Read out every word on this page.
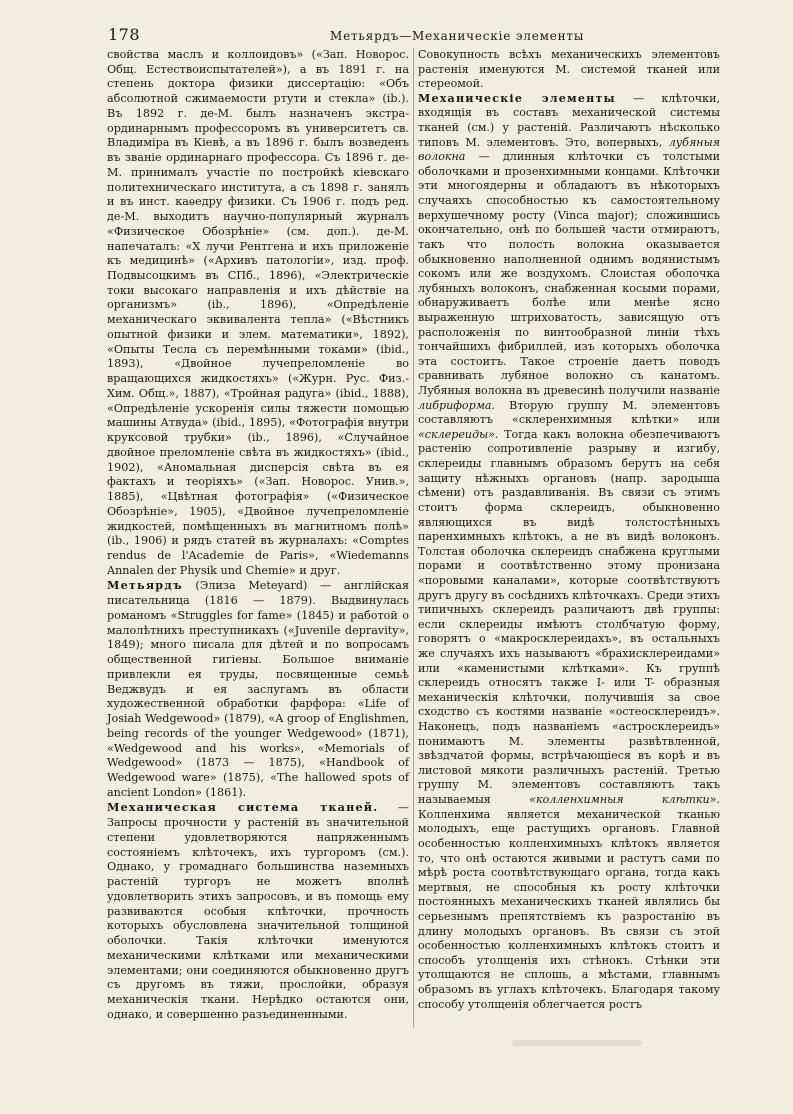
178	Метьярдъ—Механическіе элементы

свойства маслъ и коллоидовъ» («Зап. Новорос. Общ. Естествоиспытателей»), а въ 1891 г. на степень доктора физики диссертацію: «Объ абсолютной сжимаемости ртути и стекла» (ib.). Въ 1892 г. де-М. былъ назначенъ экстра-ординарнымъ профессоромъ въ университетъ св. Владиміра въ Кіевѣ, а въ 1896 г. былъ возведенъ въ званіе ординарнаго профессора. Съ 1896 г. де-М. принималъ участіе по постройкѣ кіевскаго политехническаго института, а съ 1898 г. занялъ и въ инст. каѳедру физики. Съ 1906 г. подъ ред. де-М. выходитъ научно-популярный журналъ «Физическое Обозрѣніе» (см. доп.). де-М. напечаталъ: «X лучи Рентгена и ихъ приложеніе къ медицинѣ» («Архивъ патологіи», изд. проф. Подвысоцкимъ въ СПб., 1896), «Электрическіе токи высокаго направленія и ихъ дѣйствіе на организмъ» (ib., 1896), «Опредѣленіе механическаго эквивалента тепла» («Вѣстникъ опытной физики и элем. математики», 1892), «Опыты Тесла съ перемѣнными токами» (ibid., 1893), «Двойное лучепреломленіе во вращающихся жидкостяхъ» («Журн. Рус. Физ.-Хим. Общ.», 1887), «Тройная радуга» (ibid., 1888), «Опредѣленіе ускоренія силы тяжести помощью машины Атвуда» (ibid., 1895), «Фотографія внутри круксовой трубки» (ib., 1896), «Случайное двойное преломленіе свѣта въ жидкостяхъ» (ibid., 1902), «Аномальная дисперсія свѣта въ ея фактахъ и теоріяхъ» («Зап. Новорос. Унив.», 1885), «Цвѣтная фотографія» («Физическое Обозрѣніе», 1905), «Двойное лучепреломленіе жидкостей, помѣщенныхъ въ магнитномъ полѣ» (ib., 1906) и рядъ статей въ журналахъ: «Comptes rendus de l'Academie de Paris», «Wiedemanns Annalen der Physik und Chemie» и друг.

Метьярдъ (Элиза Meteyard) — англійская писательница (1816 — 1879). Выдвинулась романомъ «Struggles for fame» (1845) и работой о малолѣтнихъ преступникахъ («Juvenile depravity», 1849); много писала для дѣтей и по вопросамъ общественной гигіены. Большое вниманіе привлекли ея труды, посвященные семьѣ Веджвудъ и ея заслугамъ въ области художественной обработки фарфора: «Life of Josiah Wedgewood» (1879), «A groop of Englishmen, being records of the younger Wedgewood» (1871), «Wedgewood and his works», «Memorials of Wedgewood» (1873 — 1875), «Handbook of Wedgewood ware» (1875), «The hallowed spots of ancient London» (1861).

Механическая система тканей. —Запросы прочности у растеній въ значительной степени удовлетворяются напряженнымъ состояніемъ клѣточекъ, ихъ тургоромъ (см.). Однако, у громаднаго большинства наземныхъ растеній тургоръ не можетъ вполнѣ удовлетворить этихъ запросовъ, и въ помощь ему развиваются особыя клѣточки, прочность которыхъ обусловлена значительной толщиной оболочки. Такія клѣточки именуются механическими клѣтками или механическими элементами; они соединяются обыкновенно другъ съ другомъ въ тяжи, прослойки, образуя механическія ткани. Нерѣдко остаются они, однако, и совершенно разъединенными.

Совокупность всѣхъ механическихъ элементовъ растенія именуются М. системой тканей или стереомой.

Механическіе элементы — клѣточки, входящія въ составъ механической системы тканей (см.) у растеній. Различаютъ нѣсколько типовъ М. элементовъ. Это, вопервыхъ, лубяныя волокна — длинныя клѣточки съ толстыми оболочками и прозенхимными концами. Клѣточки эти многоядерны и обладаютъ въ нѣкоторыхъ случаяхъ способностью къ самостоятельному верхушечному росту (Vinca major); сложившись окончательно, онѣ по большей части отмираютъ, такъ что полость волокна оказывается обыкновенно наполненной однимъ водянистымъ сокомъ или же воздухомъ. Слоистая оболочка лубяныхъ волоконъ, снабженная косыми порами, обнаруживаетъ болѣе или менѣе ясно выраженную штриховатость, зависящую отъ расположенія по винтообразной линіи тѣхъ тончайшихъ фибриллей, изъ которыхъ оболочка эта состоитъ. Такое строеніе даетъ поводъ сравнивать лубяное волокно съ канатомъ. Лубяныя волокна въ древесинѣ получили названіе либриформа. Вторую группу М. элементовъ составляютъ «склеренхимныя клѣтки» или «склереиды». Тогда какъ волокна обезпечиваютъ растенію сопротивленіе разрыву и изгибу, склереиды главнымъ образомъ берутъ на себя защиту нѣжныхъ органовъ (напр. зародыша сѣмени) отъ раздавливанія. Въ связи съ этимъ стоитъ форма склереидъ, обыкновенно являющихся въ видѣ толстостѣнныхъ паренхимныхъ клѣтокъ, а не въ видѣ волоконъ. Толстая оболочка склереидъ снабжена круглыми порами и соотвѣтственно этому пронизана «поровыми каналами», которые соотвѣтствуютъ другъ другу въ сосѣднихъ клѣточкахъ. Среди этихъ типичныхъ склереидъ различаютъ двѣ группы: если склереиды имѣютъ столбчатую форму, говорятъ о «макросклереидахъ», въ остальныхъ же случаяхъ ихъ называютъ «брахисклереидами» или «каменистыми клѣтками». Къ группѣ склереидъ относятъ также I- или T- образныя механическія клѣточки, получившія за свое сходство съ костями названіе «остеосклереидъ». Наконецъ, подъ названіемъ «астросклереидъ» понимаютъ М. элементы развѣтвленной, звѣздчатой формы, встрѣчающіеся въ корѣ и въ листовой мякоти различныхъ растеній. Третью группу М. элементовъ составляютъ такъ называемыя «колленхимныя клѣтки». Колленхима является механической тканью молодыхъ, еще растущихъ органовъ. Главной особенностью колленхимныхъ клѣтокъ является то, что онѣ остаются живыми и растутъ сами по мѣрѣ роста соотвѣтствующаго органа, тогда какъ мертвыя, не способныя къ росту клѣточки постоянныхъ механическихъ тканей являлись бы серьезнымъ препятствіемъ къ разростанію въ длину молодыхъ органовъ. Въ связи съ этой особенностью колленхимныхъ клѣтокъ стоитъ и способъ утолщенія ихъ стѣнокъ. Стѣнки эти утолщаются не сплошь, а мѣстами, главнымъ образомъ въ углахъ клѣточекъ. Благодаря такому способу утолщенія облегчается ростъ
